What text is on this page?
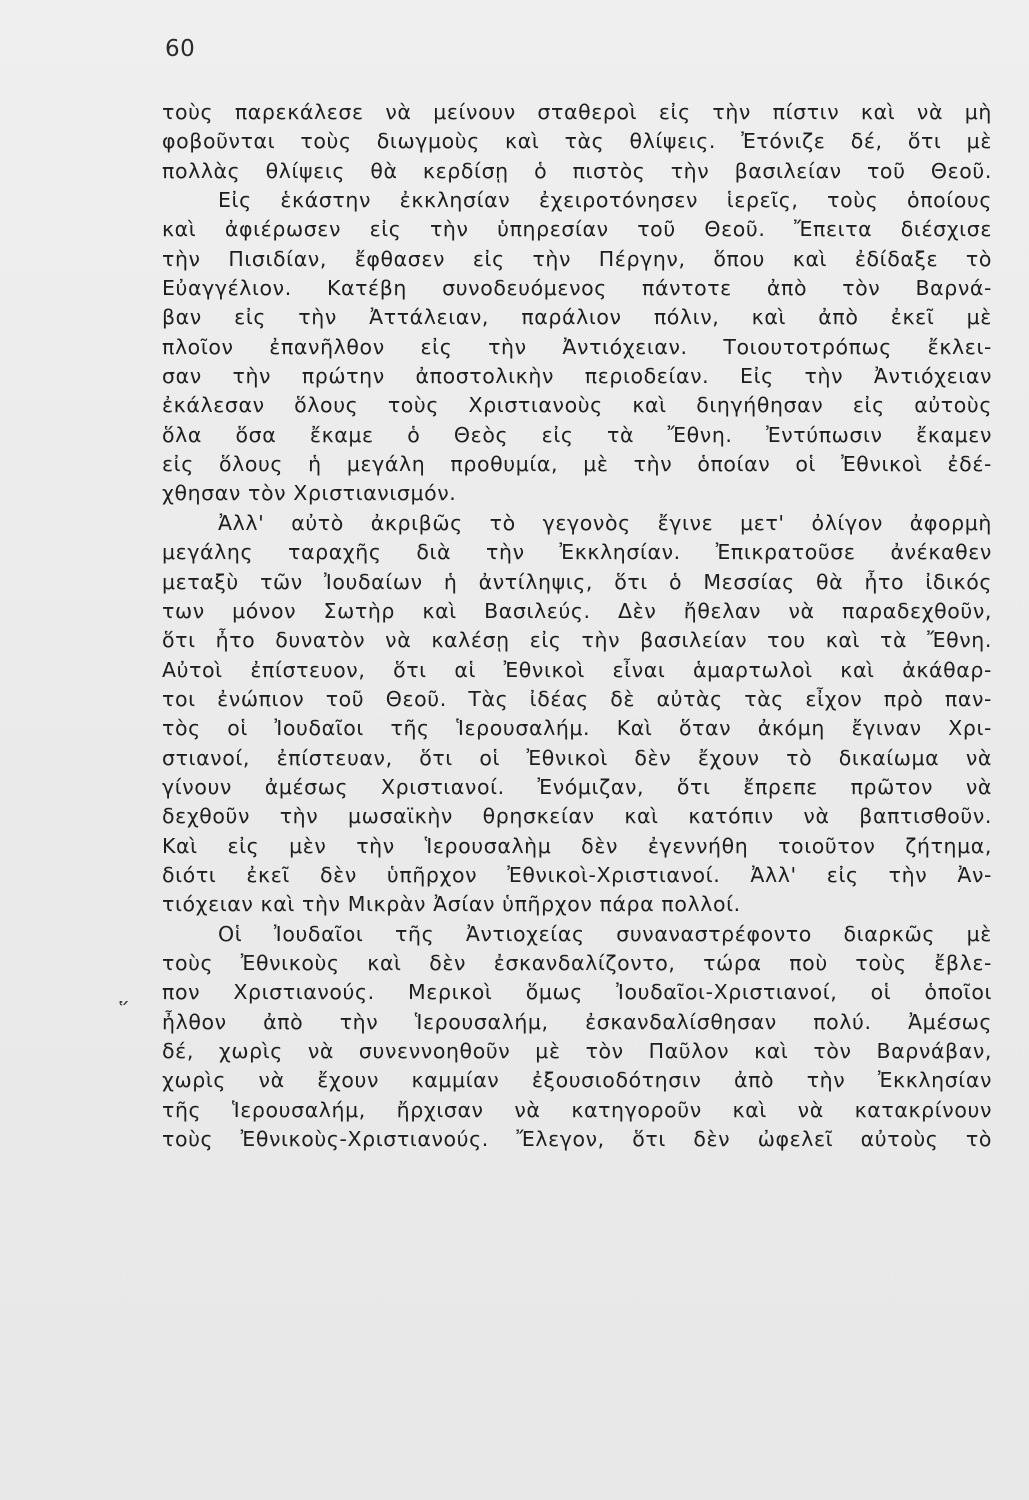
60
῞
τοὺς παρεκάλεσε νὰ μείνουν σταθεροὶ εἰς τὴν πίστιν καὶ νὰ μὴ
φοβοῦνται τοὺς διωγμοὺς καὶ τὰς θλίψεις. Ἐτόνιζε δέ, ὅτι μὲ
πολλὰς θλίψεις θὰ κερδίσῃ ὁ πιστὸς τὴν βασιλείαν τοῦ Θεοῦ.
Εἰς ἑκάστην ἐκκλησίαν ἐχειροτόνησεν ἱερεῖς, τοὺς ὁποίους
καὶ ἀφιέρωσεν εἰς τὴν ὑπηρεσίαν τοῦ Θεοῦ. Ἔπειτα διέσχισε
τὴν Πισιδίαν, ἔφθασεν εἰς τὴν Πέργην, ὅπου καὶ ἐδίδαξε τὸ
Εὐαγγέλιον. Κατέβη συνοδευόμενος πάντοτε ἀπὸ τὸν Βαρνά-
βαν εἰς τὴν Ἀττάλειαν, παράλιον πόλιν, καὶ ἀπὸ ἐκεῖ μὲ
πλοῖον ἐπανῆλθον εἰς τὴν Ἀντιόχειαν. Τοιουτοτρόπως ἔκλει-
σαν τὴν πρώτην ἀποστολικὴν περιοδείαν. Εἰς τὴν Ἀντιόχειαν
ἐκάλεσαν ὅλους τοὺς Χριστιανοὺς καὶ διηγήθησαν εἰς αὐτοὺς
ὅλα ὅσα ἔκαμε ὁ Θεὸς εἰς τὰ Ἔθνη. Ἐντύπωσιν ἔκαμεν
εἰς ὅλους ἡ μεγάλη προθυμία, μὲ τὴν ὁποίαν οἱ Ἐθνικοὶ ἐδέ-
χθησαν τὸν Χριστιανισμόν.
Ἀλλ' αὐτὸ ἀκριβῶς τὸ γεγονὸς ἔγινε μετ' ὀλίγον ἀφορμὴ
μεγάλης ταραχῆς διὰ τὴν Ἐκκλησίαν. Ἐπικρατοῦσε ἀνέκαθεν
μεταξὺ τῶν Ἰουδαίων ἡ ἀντίληψις, ὅτι ὁ Μεσσίας θὰ ἦτο ἰδικός
των μόνον Σωτὴρ καὶ Βασιλεύς. Δὲν ἤθελαν νὰ παραδεχθοῦν,
ὅτι ἦτο δυνατὸν νὰ καλέσῃ εἰς τὴν βασιλείαν του καὶ τὰ Ἔθνη.
Αὐτοὶ ἐπίστευον, ὅτι αἱ Ἐθνικοὶ εἶναι ἁμαρτωλοὶ καὶ ἀκάθαρ-
τοι ἐνώπιον τοῦ Θεοῦ. Τὰς ἰδέας δὲ αὐτὰς τὰς εἶχον πρὸ παν-
τὸς οἱ Ἰουδαῖοι τῆς Ἱερουσαλήμ. Καὶ ὅταν ἀκόμη ἔγιναν Χρι-
στιανοί, ἐπίστευαν, ὅτι οἱ Ἐθνικοὶ δὲν ἔχουν τὸ δικαίωμα νὰ
γίνουν ἀμέσως Χριστιανοί. Ἐνόμιζαν, ὅτι ἔπρεπε πρῶτον νὰ
δεχθοῦν τὴν μωσαϊκὴν θρησκείαν καὶ κατόπιν νὰ βαπτισθοῦν.
Καὶ εἰς μὲν τὴν Ἱερουσαλὴμ δὲν ἐγεννήθη τοιοῦτον ζήτημα,
διότι ἐκεῖ δὲν ὑπῆρχον Ἐθνικοὶ-Χριστιανοί. Ἀλλ' εἰς τὴν Ἀν-
τιόχειαν καὶ τὴν Μικρὰν Ἀσίαν ὑπῆρχον πάρα πολλοί.
Οἱ Ἰουδαῖοι τῆς Ἀντιοχείας συναναστρέφοντο διαρκῶς μὲ
τοὺς Ἐθνικοὺς καὶ δὲν ἐσκανδαλίζοντο, τώρα ποὺ τοὺς ἔβλε-
πον Χριστιανούς. Μερικοὶ ὅμως Ἰουδαῖοι-Χριστιανοί, οἱ ὁποῖοι
ἦλθον ἀπὸ τὴν Ἱερουσαλήμ, ἐσκανδαλίσθησαν πολύ. Ἀμέσως
δέ, χωρὶς νὰ συνεννοηθοῦν μὲ τὸν Παῦλον καὶ τὸν Βαρνάβαν,
χωρὶς νὰ ἔχουν καμμίαν ἐξουσιοδότησιν ἀπὸ τὴν Ἐκκλησίαν
τῆς Ἱερουσαλήμ, ἤρχισαν νὰ κατηγοροῦν καὶ νὰ κατακρίνουν
τοὺς Ἐθνικοὺς-Χριστιανούς. Ἔλεγον, ὅτι δὲν ὠφελεῖ αὐτοὺς τὸ
